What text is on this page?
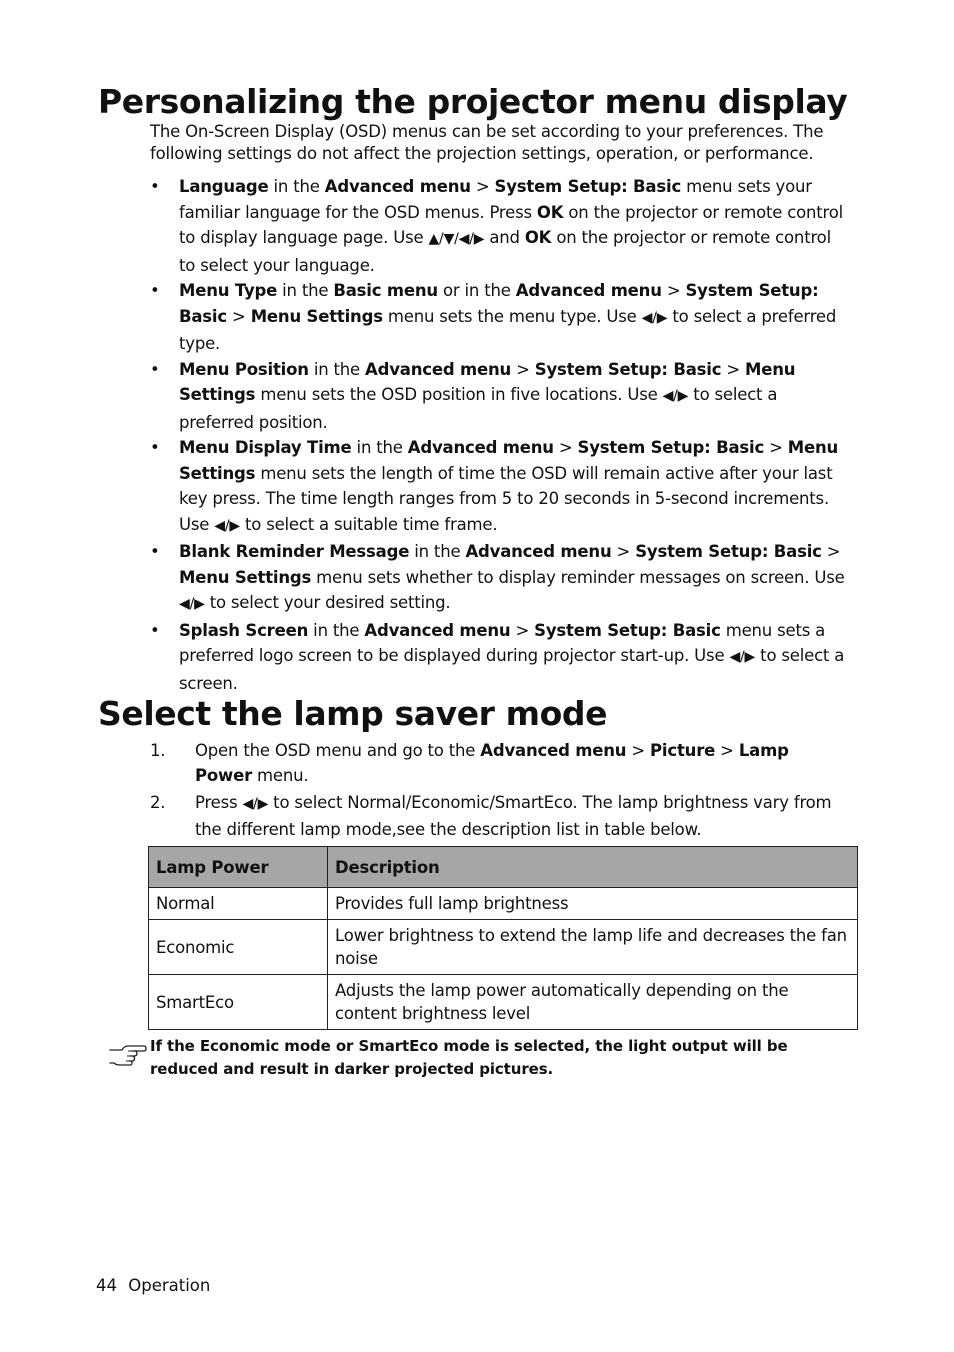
Personalizing the projector menu display

The On-Screen Display (OSD) menus can be set according to your preferences. The following settings do not affect the projection settings, operation, or performance.

• Language in the Advanced menu > System Setup: Basic menu sets your familiar language for the OSD menus. Press OK on the projector or remote control to display language page. Use ▲/▼/◀/▶ and OK on the projector or remote control to select your language.
• Menu Type in the Basic menu or in the Advanced menu > System Setup: Basic > Menu Settings menu sets the menu type. Use ◀/▶ to select a preferred type.
• Menu Position in the Advanced menu > System Setup: Basic > Menu Settings menu sets the OSD position in five locations. Use ◀/▶ to select a preferred position.
• Menu Display Time in the Advanced menu > System Setup: Basic > Menu Settings menu sets the length of time the OSD will remain active after your last key press. The time length ranges from 5 to 20 seconds in 5-second increments. Use ◀/▶ to select a suitable time frame.
• Blank Reminder Message in the Advanced menu > System Setup: Basic > Menu Settings menu sets whether to display reminder messages on screen. Use ◀/▶ to select your desired setting.
• Splash Screen in the Advanced menu > System Setup: Basic menu sets a preferred logo screen to be displayed during projector start-up. Use ◀/▶ to select a screen.
Select the lamp saver mode
1. Open the OSD menu and go to the Advanced menu > Picture > Lamp Power menu.
2. Press ◀/▶ to select Normal/Economic/SmartEco. The lamp brightness vary from the different lamp mode,see the description list in table below.
Lamp Power	Description
Normal	Provides full lamp brightness
Economic	Lower brightness to extend the lamp life and decreases the fan noise
SmartEco	Adjusts the lamp power automatically depending on the content brightness level

If the Economic mode or SmartEco mode is selected, the light output will be reduced and result in darker projected pictures.

44 Operation
